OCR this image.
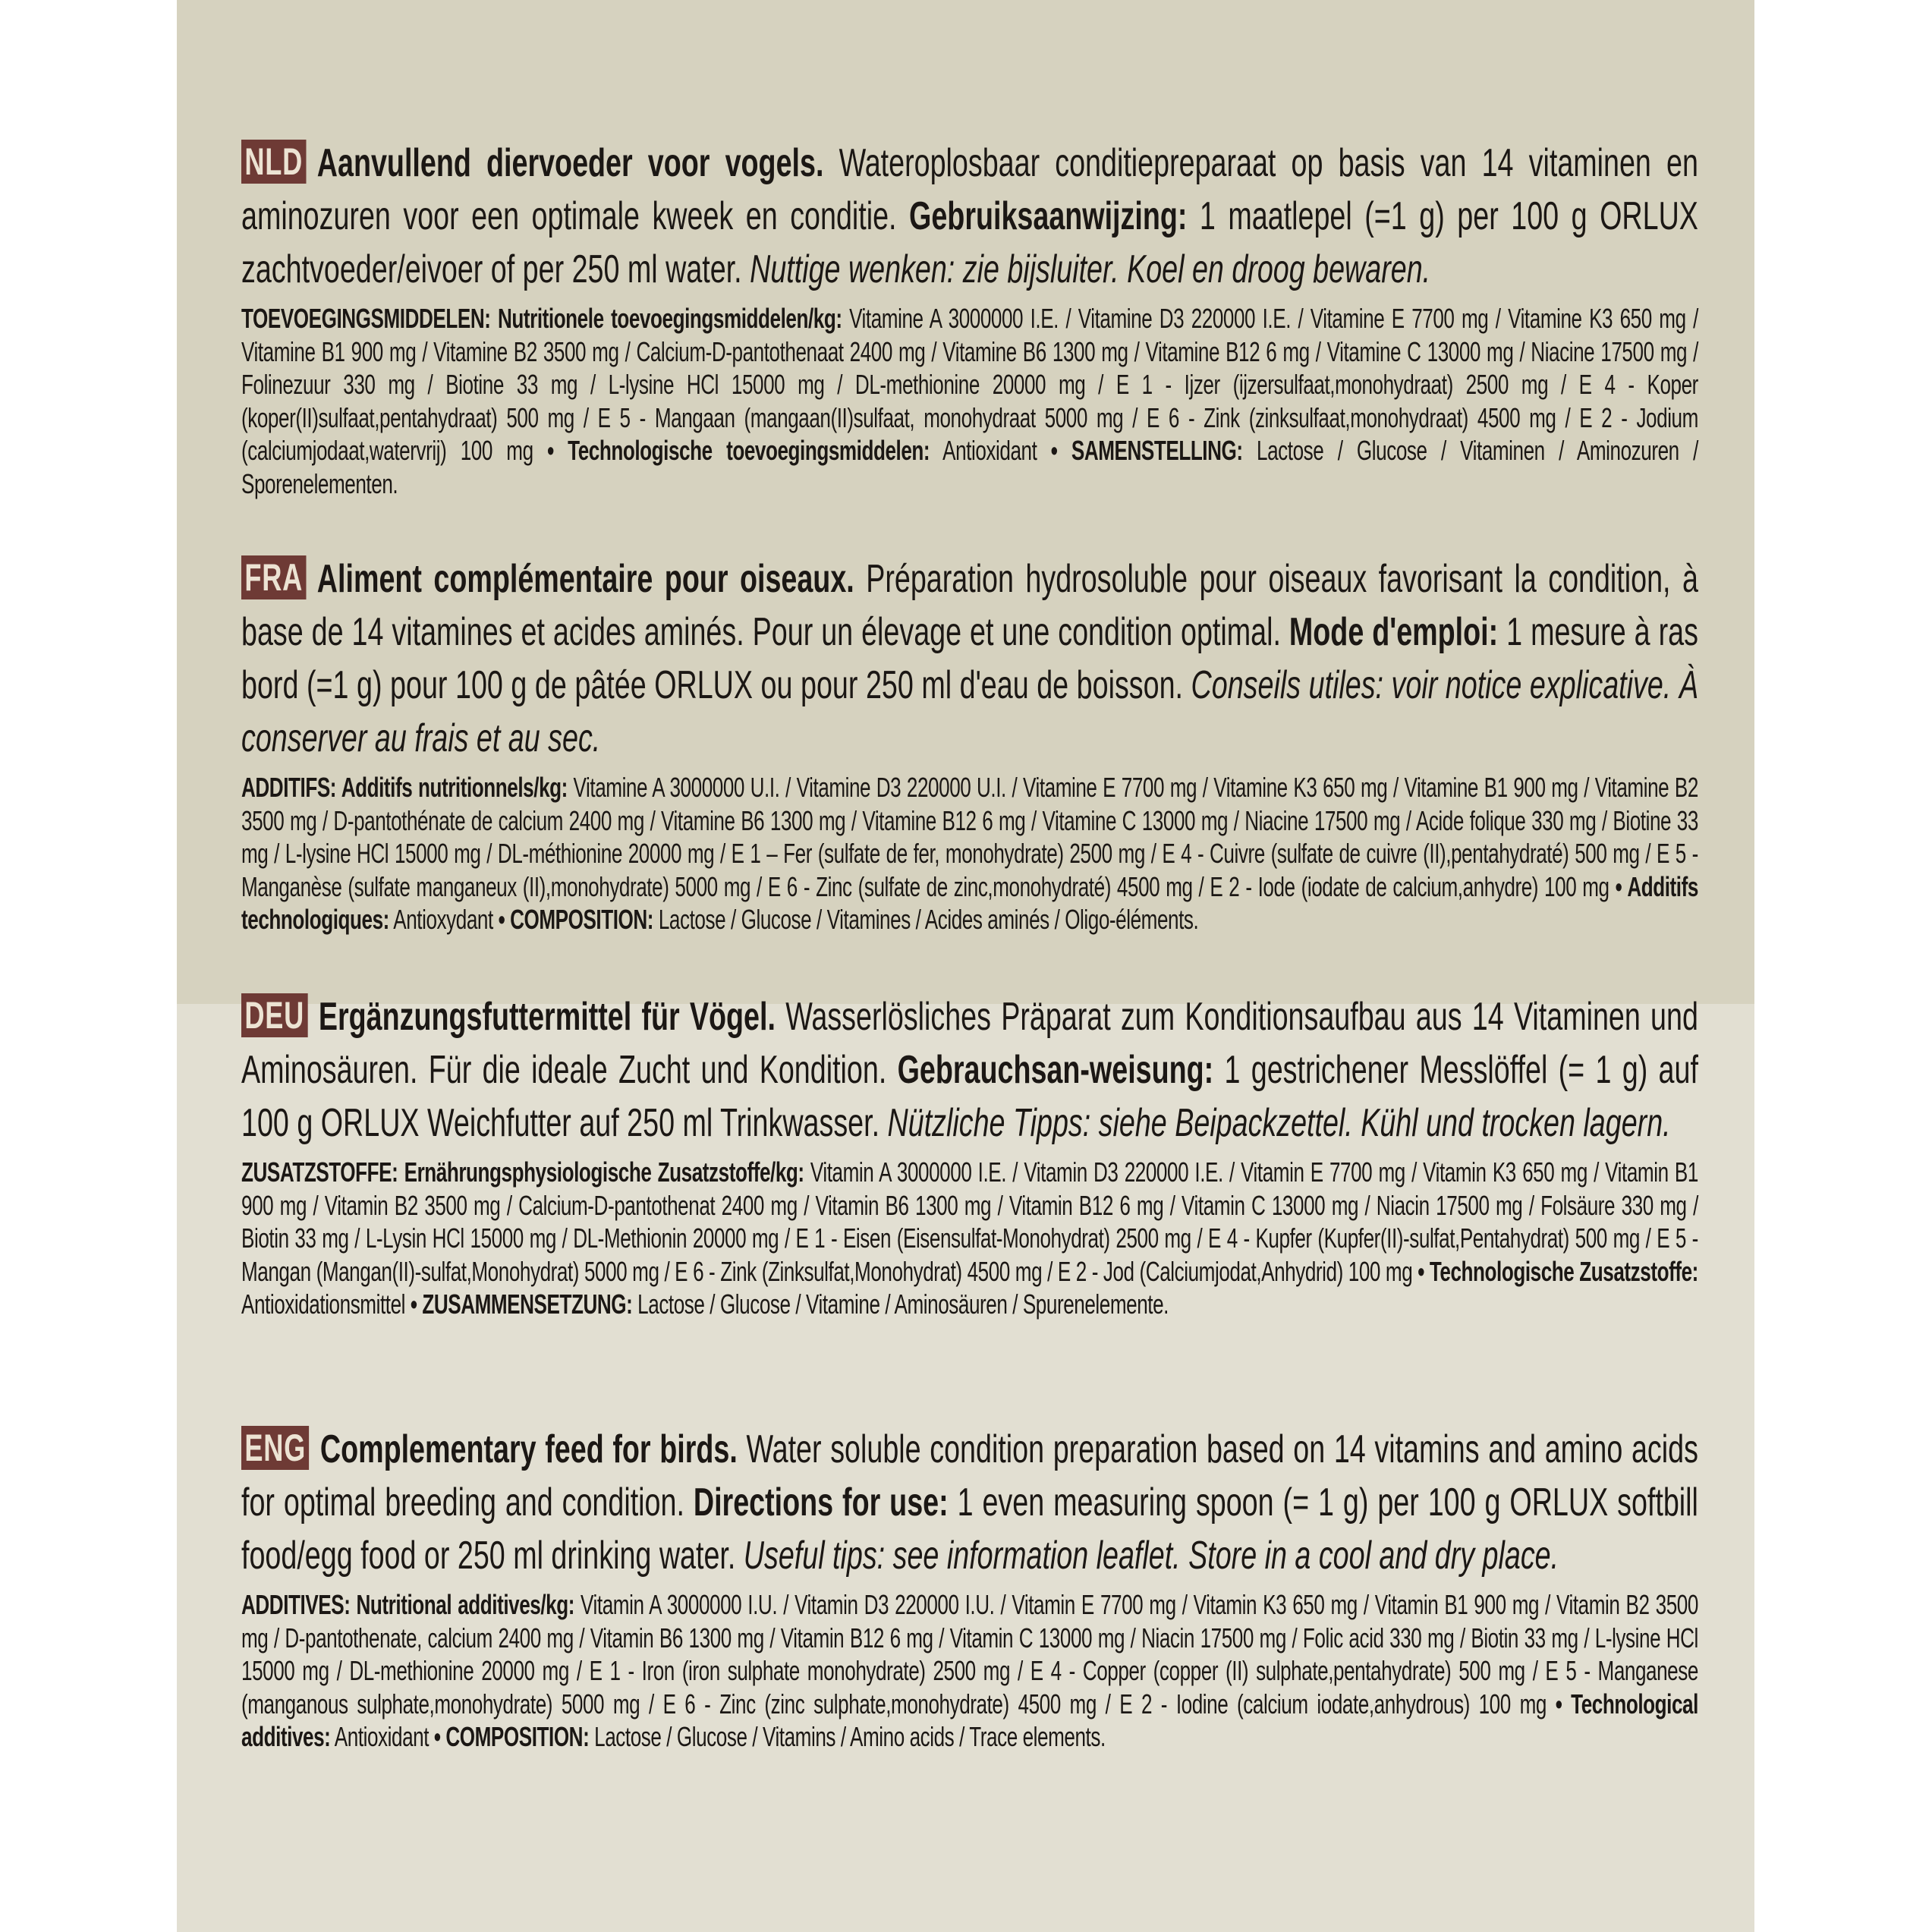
NLD Aanvullend diervoeder voor vogels. Wateroplosbaar conditiepreparaat op basis van 14 vitaminen en aminozuren voor een optimale kweek en conditie. Gebruiksaanwijzing: 1 maatlepel (=1 g) per 100 g ORLUX zachtvoeder/eivoer of per 250 ml water. Nuttige wenken: zie bijsluiter. Koel en droog bewaren.

TOEVOEGINGSMIDDELEN: Nutritionele toevoegingsmiddelen/kg: Vitamine A 3000000 I.E. / Vitamine D3 220000 I.E. / Vitamine E 7700 mg / Vitamine K3 650 mg / Vitamine B1 900 mg / Vitamine B2 3500 mg / Calcium-D-pantothenaat 2400 mg / Vitamine B6 1300 mg / Vitamine B12 6 mg / Vitamine C 13000 mg / Niacine 17500 mg / Folinezuur 330 mg / Biotine 33 mg / L-lysine HCl 15000 mg / DL-methionine 20000 mg / E 1 - Ijzer (ijzersulfaat,monohydraat) 2500 mg / E 4 - Koper (koper(II)sulfaat,pentahydraat) 500 mg / E 5 - Mangaan (mangaan(II)sulfaat, monohydraat 5000 mg / E 6 - Zink (zinksulfaat,monohydraat) 4500 mg / E 2 - Jodium (calciumjodaat,watervrij) 100 mg • Technologische toevoegingsmiddelen: Antioxidant • SAMENSTELLING: Lactose / Glucose / Vitaminen / Aminozuren / Sporenelementen.

FRA Aliment complémentaire pour oiseaux. Préparation hydrosoluble pour oiseaux favorisant la condition, à base de 14 vitamines et acides aminés. Pour un élevage et une condition optimal. Mode d'emploi: 1 mesure à ras bord (=1 g) pour 100 g de pâtée ORLUX ou pour 250 ml d'eau de boisson. Conseils utiles: voir notice explicative. À conserver au frais et au sec.

ADDITIFS: Additifs nutritionnels/kg: Vitamine A 3000000 U.I. / Vitamine D3 220000 U.I. / Vitamine E 7700 mg / Vitamine K3 650 mg / Vitamine B1 900 mg / Vitamine B2 3500 mg / D-pantothénate de calcium 2400 mg / Vitamine B6 1300 mg / Vitamine B12 6 mg / Vitamine C 13000 mg / Niacine 17500 mg / Acide folique 330 mg / Biotine 33 mg / L-lysine HCl 15000 mg / DL-méthionine 20000 mg / E 1 – Fer (sulfate de fer, monohydrate) 2500 mg / E 4 - Cuivre (sulfate de cuivre (II),pentahydraté) 500 mg / E 5 - Manganèse (sulfate manganeux (II),monohydrate) 5000 mg / E 6 - Zinc (sulfate de zinc,monohydraté) 4500 mg / E 2 - Iode (iodate de calcium,anhydre) 100 mg • Additifs technologiques: Antioxydant • COMPOSITION: Lactose / Glucose / Vitamines / Acides aminés / Oligo-éléments.

DEU Ergänzungsfuttermittel für Vögel. Wasserlösliches Präparat zum Konditionsaufbau aus 14 Vitaminen und Aminosäuren. Für die ideale Zucht und Kondition. Gebrauchsan-weisung: 1 gestrichener Messlöffel (= 1 g) auf 100 g ORLUX Weichfutter auf 250 ml Trinkwasser. Nützliche Tipps: siehe Beipackzettel. Kühl und trocken lagern.

ZUSATZSTOFFE: Ernährungsphysiologische Zusatzstoffe/kg: Vitamin A 3000000 I.E. / Vitamin D3 220000 I.E. / Vitamin E 7700 mg / Vitamin K3 650 mg / Vitamin B1 900 mg / Vitamin B2 3500 mg / Calcium-D-pantothenat 2400 mg / Vitamin B6 1300 mg / Vitamin B12 6 mg / Vitamin C 13000 mg / Niacin 17500 mg / Folsäure 330 mg / Biotin 33 mg / L-Lysin HCl 15000 mg / DL-Methionin 20000 mg / E 1 - Eisen (Eisensulfat-Monohydrat) 2500 mg / E 4 - Kupfer (Kupfer(II)-sulfat,Pentahydrat) 500 mg / E 5 - Mangan (Mangan(II)-sulfat,Monohydrat) 5000 mg / E 6 - Zink (Zinksulfat,Monohydrat) 4500 mg / E 2 - Jod (Calciumjodat,Anhydrid) 100 mg • Technologische Zusatzstoffe: Antioxidationsmittel • ZUSAMMENSETZUNG: Lactose / Glucose / Vitamine / Aminosäuren / Spurenelemente.

ENG Complementary feed for birds. Water soluble condition preparation based on 14 vitamins and amino acids for optimal breeding and condition. Directions for use: 1 even measuring spoon (= 1 g) per 100 g ORLUX softbill food/egg food or 250 ml drinking water. Useful tips: see information leaflet. Store in a cool and dry place.

ADDITIVES: Nutritional additives/kg: Vitamin A 3000000 I.U. / Vitamin D3 220000 I.U. / Vitamin E 7700 mg / Vitamin K3 650 mg / Vitamin B1 900 mg / Vitamin B2 3500 mg / D-pantothenate, calcium 2400 mg / Vitamin B6 1300 mg / Vitamin B12 6 mg / Vitamin C 13000 mg / Niacin 17500 mg / Folic acid 330 mg / Biotin 33 mg / L-lysine HCl 15000 mg / DL-methionine 20000 mg / E 1 - Iron (iron sulphate monohydrate) 2500 mg / E 4 - Copper (copper (II) sulphate,pentahydrate) 500 mg / E 5 - Manganese (manganous sulphate,monohydrate) 5000 mg / E 6 - Zinc (zinc sulphate,monohydrate) 4500 mg / E 2 - Iodine (calcium iodate,anhydrous) 100 mg • Technological additives: Antioxidant • COMPOSITION: Lactose / Glucose / Vitamins / Amino acids / Trace elements.
